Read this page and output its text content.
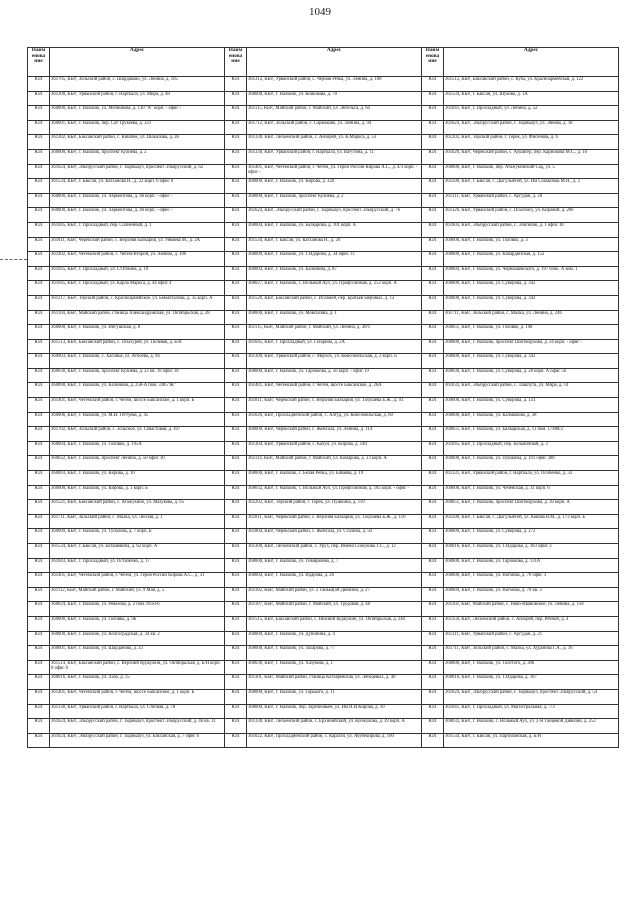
1049
Наим енова ние	Адрес	Наим енова ние	Адрес	Наим енова ние	Адрес
ЮЛ	361705, КБР., Зольский район, с. Шордаково, ул. Ленина, д. 105	ЮЛ	361312, КБР., Урванский район, с. Черная Речка, ул. Ленина, д. 100	ЮЛ	361512, КБР., Баксанский район, с. Куба, ул. Красноармейская, д. 122
ЮЛ	361300, КБР., Урванский район, г. Нарткала, ул. Мира, д. 48	ЮЛ	360000, КБР., г. Нальчик, ул. Кошокова, д. 70	ЮЛ	361534, КБР., г. Баксан, ул. Шукова, д. 1А
ЮЛ	360000, КБР., г. Нальчик, ул. Мечникова, д. 130 "А" корп. - офис -	ЮЛ	361115, КБР., Майский район, г. Майский, ул. Энгельса, д. 64	ЮЛ	361041, КБР., г. Прохладный, ул. Ленина, д. 52
ЮЛ	360001, КБР., г. Нальчик, пер. Cат Трукеева, д. 321	ЮЛ	361712, КБР., Зольский район, с. Сармаково, ул. Ленина, д. 94	ЮЛ	361624, КБР., Эльбрусский район, г. Тырныауз, ул. Энеева, д. 18
ЮЛ	361302, КБР., Баксанский район, с. Кишпек, ул. Шокалова, д. 36	ЮЛ	361330, КБР., Лескенский район, с. Анзорей, ул. К.Маркса, д. 53	ЮЛ	361202, КБР., Терский район, г. Терек, ул. Фисенова, д. 6
ЮЛ	360000, КБР., г. Нальчик, проспект Кулиева, д. 2	ЮЛ	361330, КБР., Урванский район, г. Нарткала, ул. Ватутина, д. 11	ЮЛ	361620, КБР., Черекский район, с. Аушигер, пер. Кармокова М.С., д. 10
ЮЛ	361624, КБР., Эльбрусский район, г. Тырныауз, проспект Эльбрусский, д. 62	ЮЛ	361401, КБР., Чегемский район, г. Чегем, ул. Герои России Кирова А.С., д. 4/3 корп. - офис -	ЮЛ	360000, КБР., г. Нальчик, пер. Атажукинский Сад, ул. 5
ЮЛ	361534, КБР., г. Баксан, ул. Катханова Н., д. 22 корп. 0 офис 0	ЮЛ	360000, КБР., г. Нальчик, ул. Кирова, д. 320	ЮЛ	361500, КБР., г. Баксан, с. Дыгулыбгей, ул. Им Сокмазова М.Н., д. 2
ЮЛ	360000, КБР., г. Нальчик, ул. Лермонтова, д. 46 корп. - офис -	ЮЛ	360000, КБР., г. Нальчик, проспект Кулиева, д. 2	ЮЛ	361311, КБР., Урванский район, с. Аргудан, д. 28
ЮЛ	360000, КБР., г. Нальчик, ул. Лермонтова, д. 46 корп. - офис -	ЮЛ	361624, КБР., Эльбрусский район, г. Тырныауз, проспект Эльбрусский, д. 76	ЮЛ	361326, КБР., Урванский район, с. Псыгансу, ул. Кировой, д. 206
ЮЛ	361045, КБР., г. Прохладный, пер. Солнечный, д. 1	ЮЛ	360004, КБР., г. Нальчик, ул. Балкарова, д. 101 корп. А	ЮЛ	361603, КБР., Эльбрусский район, с. Эльтюбю, д. 1 офис 18
ЮЛ	361811, КБР., Черекский район, с. Верхняя Балкария, ул. Уянаева М., д. 2А	ЮЛ	361534, КБР., г. Баксан, ул. Катханова Н., д. 20	ЮЛ	360000, КБР., г. Нальчик, ул. Головко, д. 3
ЮЛ	361402, КБР., Чегемский район, с. Чегем-Второй, ул. Ленина, д. 100	ЮЛ	360009, КБР., г. Нальчик, ул. Т.Идарова, д. 34 офис 13	ЮЛ	360000, КБР., г. Нальчик, ул. Кабардинская, д. 152
ЮЛ	361045, КБР., г. Прохладный, ул. Ст.Разина, д. 19	ЮЛ	360004, КБР., г. Нальчик, ул. Калинина, д. 87	ЮЛ	360004, КБР., г. Нальчик, ул. Чернышевского, д. 197 блок. А ком. 1
ЮЛ	361045, КБР., г. Прохладный, ул. Карла Маркса, д. 44 офис 4	ЮЛ	360027, КБР., г. Нальчик, с. Вольный Аул, ул. Профсоюзная, д. 252 корп. А	ЮЛ	360000, КБР., г. Нальчик, ул. Суворова, д. 342
ЮЛ	361217, КБР., Терский район, с. Красноармейское, ул. Бекмоталова, д. 35 корп. А	ЮЛ	361520, КБР., Баксанский район, с. Исламей, пер. Братьев Бифовых, д. 12	ЮЛ	360000, КБР., г. Нальчик, ул. Суворова, д. 342
ЮЛ	361104, КБР., Майский район, станица Александровская, ул. Октябрьская, д. 28	ЮЛ	360000, КБР., г. Нальчик, ул. Мовсисяна, д. 1	ЮЛ	361711, КБР., Зольский район, с. Малка, ул. Ленина, д. 246
ЮЛ	360000, КБР., г. Нальчик, ул. Ингушская, д. 8	ЮЛ	361115, КБР., Майский район, г. Майский, ул. Ленина, д. 30/1	ЮЛ	360051, КБР., г. Нальчик, ул. Головко, д. 198
ЮЛ	361513, КБР., Баксанский район, с. Псыхурей, ул. Полевая, д. Б/Н	ЮЛ	361045, КБР., г. Прохладный, ул. Гагарина, д. 2А	ЮЛ	360000, КБР., г. Нальчик, проспект Шогенцукова, д. 24 корп. - офис -
ЮЛ	360903, КБР., г. Нальчик, с. Хасанья, ул. Атчоева, д. 94	ЮЛ	361300, КБР., Урванский район, с. Морзох, ул. Комсомольская, д. 2 корп. Б	ЮЛ	360000, КБР., г. Нальчик, ул. Суворова, д. 342
ЮЛ	360030, КБР., г. Нальчик, проспект Кулиева, д. 22 кв. 18 офис 18	ЮЛ	360000, КБР., г. Нальчик, ул. Тарчокова, д. 56 корп. - офис 19	ЮЛ	360030, КБР., г. Нальчик, ул. Суворова, д. 28 корп. А офис 56
ЮЛ	360000, КБР., г. Нальчик, ул. Калинина, д. 258-А пом. 3385"Ж"	ЮЛ	361401, КБР., Чегемский район, г. Чегем, шоссе Баксанское, д. 26А	ЮЛ	361633, КБР., Эльбрусский район, с. Лашпута, ул. Мира, д. 14
ЮЛ	361401, КБР., Чегемский район, г. Чегем, шоссе Баксанское, д. 1 корп. Б	ЮЛ	361811, КБР., Черекский район, с. Верхняя Балкария, ул. Тахушева Б.Ж., д. 93	ЮЛ	360000, КБР., г. Нальчик, ул. Суворова, д. 133
ЮЛ	360006, КБР., г. Нальчик, ул. М.И. Геттуева, д. 45	ЮЛ	361026, КБР., Прохладненский район, с. Алтуд, ул. Комсомольская, д. 60	ЮЛ	360000, КБР., г. Нальчик, ул. Калмыкова, д. 38
ЮЛ	361702, КБР., Зольский район, с. Зольское, ул. Севастовая, д. 107	ЮЛ	360000, КБР., Черекский район, с. Жемтала, ул. Ленина, д. 114	ЮЛ	360051, КБР., г. Нальчик, ул. Балкарская, д. 11 пом. 17488/2
ЮЛ	360004, КБР., г. Нальчик, ул. Головко, д. 195А	ЮЛ	361304, КБР., Урванский район, с. Кахун, ул. Кирова, д. 140	ЮЛ	361045, КБР., г. Прохладный, пер. Больничный, д. 2
ЮЛ	360022, КБР., г. Нальчик, проспект Ленина, д. 50 офис 10	ЮЛ	361114, КБР., Майский район, г. Майский, ул. Комарова, д. 13 корп. А	ЮЛ	360000, КБР., г. Нальчик, ул. Пушкина, д. 101 офис 308
ЮЛ	360003, КБР., г. Нальчик, ул. Кирова, д. 10	ЮЛ	360000, КБР., г. Нальчик, с. Белая Речка, ул. Бабаева, д. 19	ЮЛ	361331, КБР., Урванский район, г. Нарткала, ул. Осипенко, д. 33
ЮЛ	360000, КБР., г. Нальчик, ул. Кирова, д. 1 корп. Б	ЮЛ	360032, КБР., г. Нальчик, с. Вольный Аул, ул. Профсоюзная, д. 185 корп. - офис -	ЮЛ	360000, КБР., г. Нальчик, ул. Чеченская, д. 31 корп. 6
ЮЛ	361521, КБР., Баксанский район, с. Атажукино, ул. Мазукова, д. 65	ЮЛ	361202, КБР., Терский район, г. Терек, ул. Пушкина, д. 119	ЮЛ	360051, КБР., г. Нальчик, проспект Шогенцукова, д. 39 корп. А
ЮЛ	361711, КБР., Зольский район, с. Малка, ул. Лесная, д. 1	ЮЛ	361811, КБР., Черекский район, с. Верхняя Балкария, ул. Тахушева Б.Ж., д. 110	ЮЛ	361500, КБР., г. Баксан, с. Дыгулыбгей, ул. Кокова В.М., д. 173 корп. Б
ЮЛ	360009, КБР., г. Нальчик, ул. Тупалева, д. 7 корп. Б	ЮЛ	361804, КБР., Черекский район, с. Жемтала, ул. Сталина, д. 50	ЮЛ	360009, КБР., г. Нальчик, ул. Суворова, д. 272
ЮЛ	361534, КБР., г. Баксан, ул. Боташевича, д. 62 корп. А	ЮЛ	361300, КБР., Лескенский район, с. Урух, пер. Имени Сижукова Т.С., д. 12	ЮЛ	360016, КБР., г. Нальчик, ул. Т.Идарова, д. 183 офис 3
ЮЛ	361043, КБР., г. Прохладный, ул. Остапенко, д. 17	ЮЛ	360000, КБР., г. Нальчик, ул. Тимирязева, д. 7	ЮЛ	360000, КБР., г. Нальчик, ул. Тарчокова, д. 131А
ЮЛ	361401, КБР., Чегемский район, г. Чегем, ул. Героя России Кирова А.С., д. 31	ЮЛ	360004, КБР., г. Нальчик, ул. Идарова, д. 20	ЮЛ	360000, КБР., г. Нальчик, ул. Ногмова, д. 70 офис 3
ЮЛ	361112, КБР., Майский район, г. Майский, ул. 9 Мая, д. 5	ЮЛ	361102, КБР., Майский район, ул. 2 Танька(ой Дивизии, д. 27	ЮЛ	360004, КБР., г. Нальчик, ул. Ногмова, д. 70 кв. 3
ЮЛ	360024, КБР., г. Нальчик, ул. Ревазова, д. 2 пом. 8150-б	ЮЛ	361107, КБР., Майский район, г. Майский, ул. Трудовая, д. 48	ЮЛ	361102, КБР., Майский район, с. Ново-Ивановское, ул. Ленина, д. 158
ЮЛ	360000, КБР., г. Нальчик, ул. Головко, д. 9Б	ЮЛ	361515, КБР., Баксанский район, с. Нижний Куркужин, ул. Октябрьская, д. 240	ЮЛ	361350, КБР., Лескенский район, с. Анзорей, пер. Речной, д. 4
ЮЛ	360000, КБР., г. Нальчик, ул. Волгоградская, д. 34 кв. 2	ЮЛ	360000, КБР., г. Нальчик, ул. Дубинина, д. 4	ЮЛ	361311, КБР., Урванский район, с. Аргудан, д. 21
ЮЛ	360001, КБР., г. Нальчик, ул. Шарданова, д. 33	ЮЛ	360000, КБР., г. Нальчик, ул. Захарова, д. 77	ЮЛ	361711, КБР., Зольский район, с. Малка, ул. Хуранова Г.А., д. 16
ЮЛ	361514, КБР., Баксанский район, с. Верхний Куркужин, ул. Октябрьская, д. Б/Н корп. 0 офис 0	ЮЛ	360030, КБР., г. Нальчик, ул. Хазукова, д. 1	ЮЛ	360000, КБР., г. Нальчик, ул. Толстого, д. 306
ЮЛ	360016, КБР., г. Нальчик, ул. Лазо, д. 15	ЮЛ	361101, КБР., Майский район, станица Котляревская, ул. Лебедевых, д. 40	ЮЛ	360016, КБР., г. Нальчик, ул. Т.Идарова, д. 107
ЮЛ	361401, КБР., Чегемский район, г. Чегем, шоссе Баксанское, д. 1 корп. Б	ЮЛ	360000, КБР., г. Нальчик, ул. Горького, д. 11	ЮЛ	361624, КБР., Эльбрусский район, г. Тырныауз, проспект Эльбрусский, д. 54
ЮЛ	361330, КБР., Урванский район, г. Нарткала, ул. Степная, д. 78	ЮЛ	360000, КБР., г. Нальчик, пер. Заречновьев, ул. Им И.И.Кирова, д. 10	ЮЛ	361041, КБР., г. Прохладный, ул. Магистральная, д. 7/3
ЮЛ	361624, КБР., Эльбрусский район, г. Тырныауз, проспект Эльбрусский, д. 46 кв. 31	ЮЛ	361330, КБР., Лескенский район, с. Ерхинийский, ул. Кунжукова, д. 39 корп. А	ЮЛ	360032, КБР., г. Нальчик, с. Вольный Аул, ул. 2-Я Танцевой Дивизии, д. 252
ЮЛ	361624, КБР., Эльбрусский район, г. Тырныауз, ул. Баксанская, д. 7 офис 6	ЮЛ	361022, КБР., Прохладненский район, с. Карагач, ул. Абубекирова, д. 100	ЮЛ	361534, КБР., г. Баксан, ул. Партизанская, д. Б/Н
